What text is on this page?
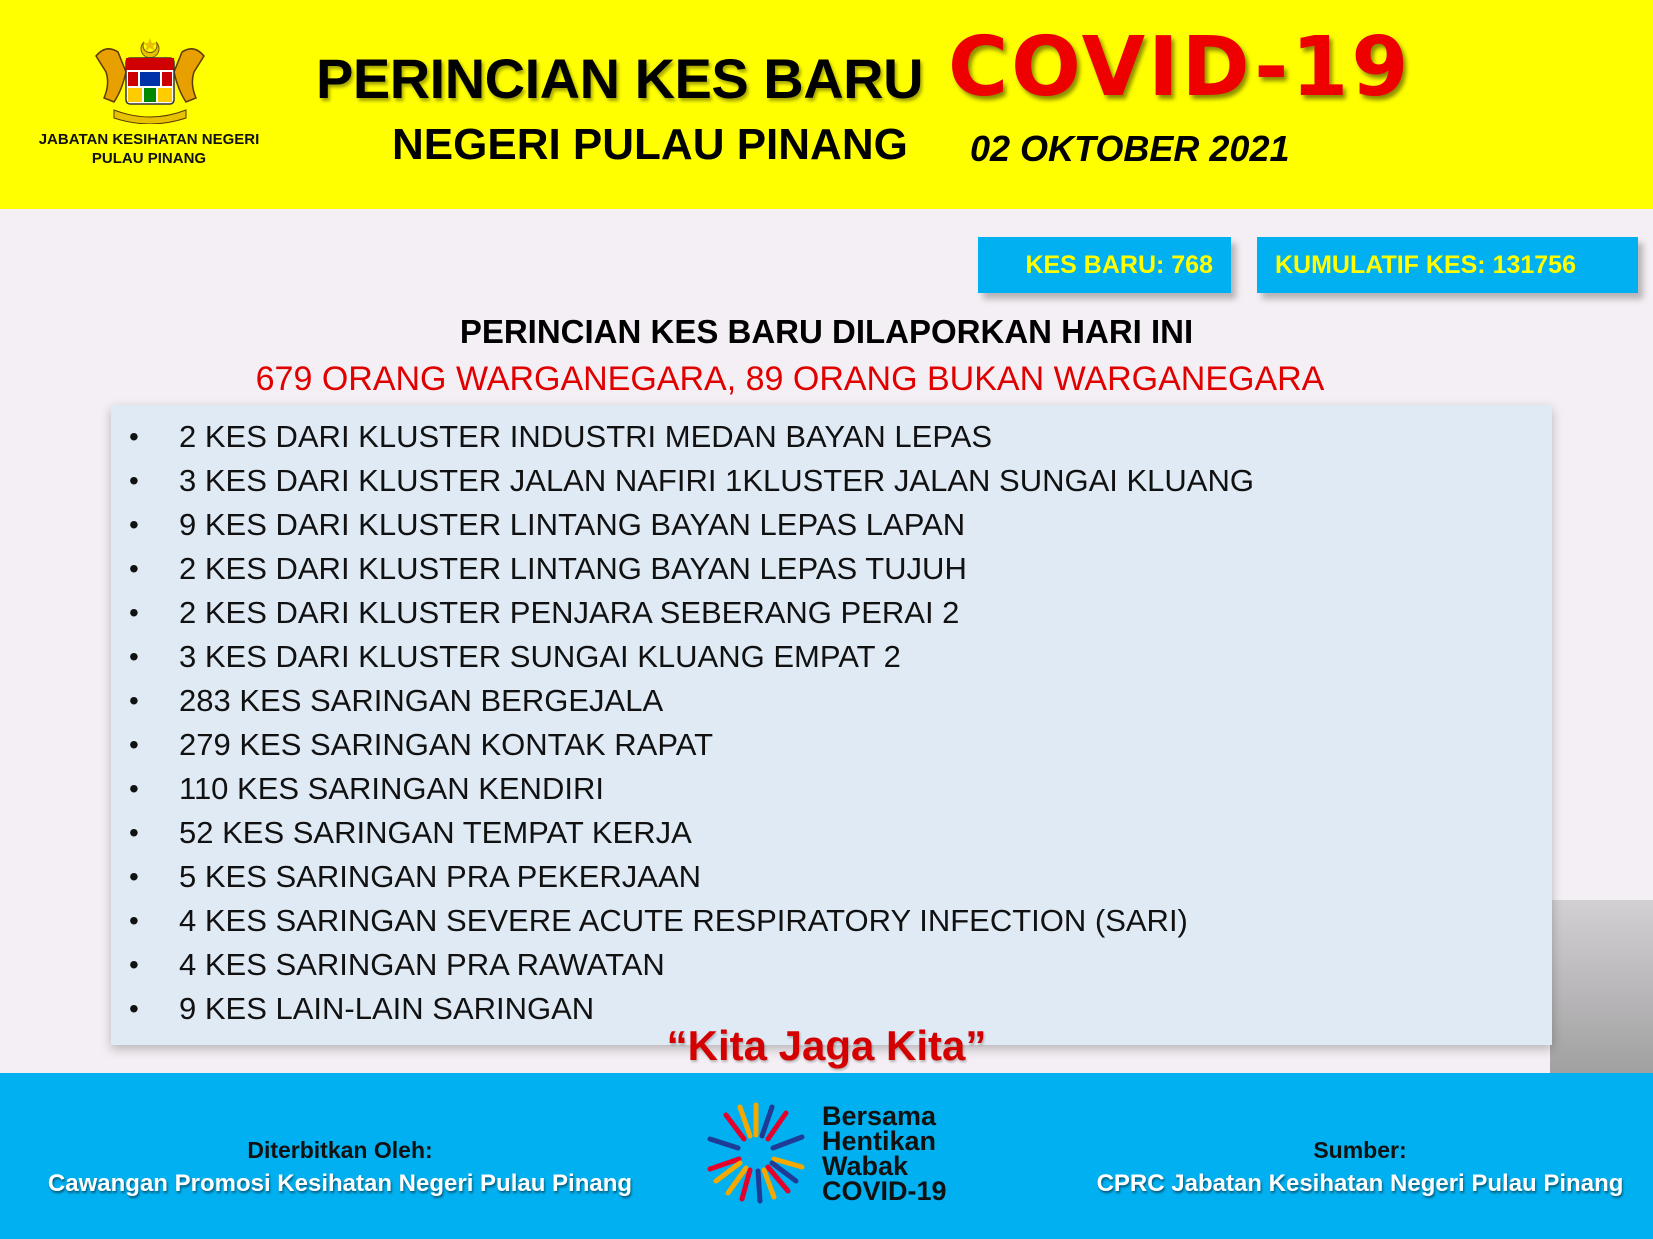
JABATAN KESIHATAN NEGERI
PULAU PINANG
PERINCIAN KES BARU COVID-19
NEGERI PULAU PINANG 02 OKTOBER 2021
KES BARU: 768	KUMULATIF KES: 131756
PERINCIAN KES BARU DILAPORKAN HARI INI
679 ORANG WARGANEGARA, 89 ORANG BUKAN WARGANEGARA
• 2 KES DARI KLUSTER INDUSTRI MEDAN BAYAN LEPAS
• 3 KES DARI KLUSTER JALAN NAFIRI 1KLUSTER JALAN SUNGAI KLUANG
• 9 KES DARI KLUSTER LINTANG BAYAN LEPAS LAPAN
• 2 KES DARI KLUSTER LINTANG BAYAN LEPAS TUJUH
• 2 KES DARI KLUSTER PENJARA SEBERANG PERAI 2
• 3 KES DARI KLUSTER SUNGAI KLUANG EMPAT 2
• 283 KES SARINGAN BERGEJALA
• 279 KES SARINGAN KONTAK RAPAT
• 110 KES SARINGAN KENDIRI
• 52 KES SARINGAN TEMPAT KERJA
• 5 KES SARINGAN PRA PEKERJAAN
• 4 KES SARINGAN SEVERE ACUTE RESPIRATORY INFECTION (SARI)
• 4 KES SARINGAN PRA RAWATAN
• 9 KES LAIN-LAIN SARINGAN
“Kita Jaga Kita”
Diterbitkan Oleh:
Cawangan Promosi Kesihatan Negeri Pulau Pinang
Sumber:
CPRC Jabatan Kesihatan Negeri Pulau Pinang
Bersama
Hentikan
Wabak
COVID-19
